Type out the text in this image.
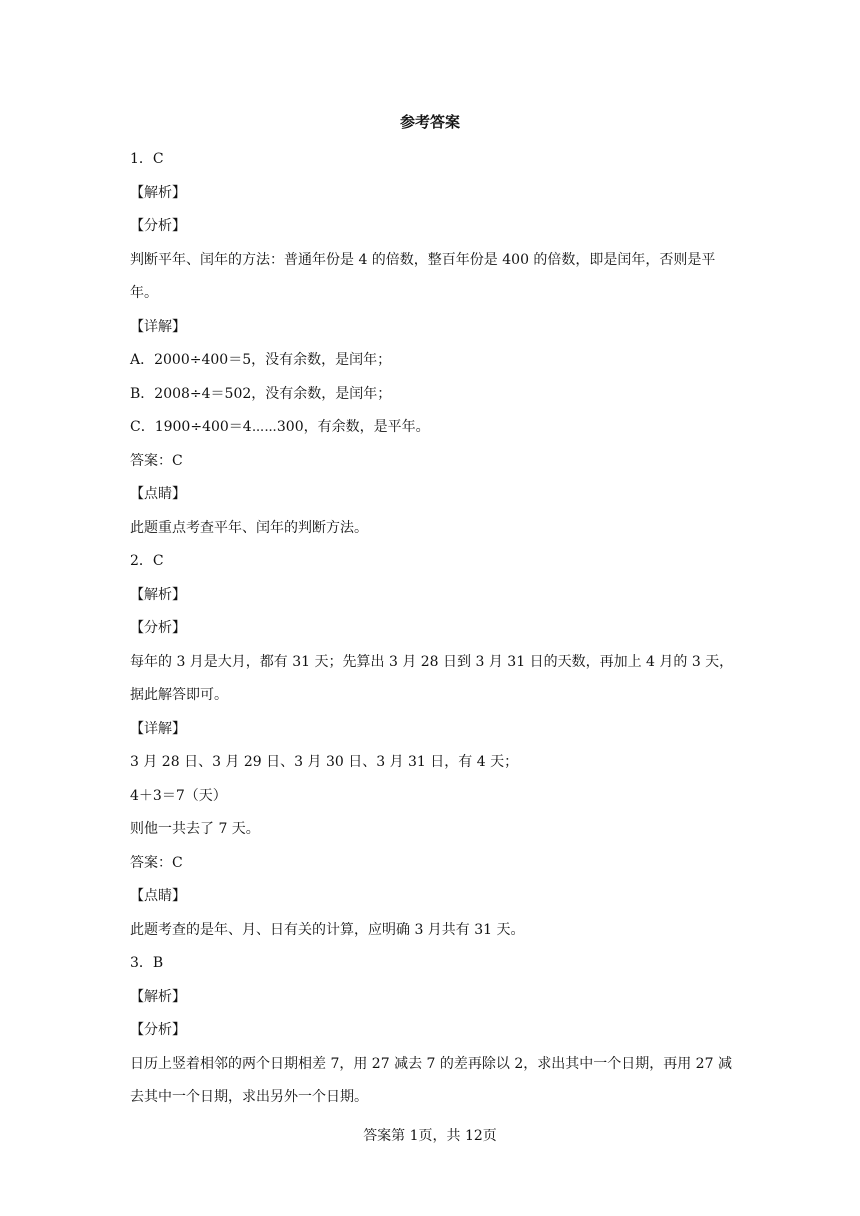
参考答案

1．C

【解析】

【分析】

判断平年、闰年的方法：普通年份是 4 的倍数，整百年份是 400 的倍数，即是闰年，否则是平年。

【详解】

A．2000÷400＝5，没有余数，是闰年；

B．2008÷4＝502，没有余数，是闰年；

C．1900÷400＝4⋯⋯300，有余数，是平年。

答案：C

【点睛】

此题重点考查平年、闰年的判断方法。

2．C

【解析】

【分析】

每年的 3 月是大月，都有 31 天；先算出 3 月 28 日到 3 月 31 日的天数，再加上 4 月的 3 天，据此解答即可。

【详解】

3 月 28 日、3 月 29 日、3 月 30 日、3 月 31 日，有 4 天；

4＋3＝7（天）

则他一共去了 7 天。

答案：C

【点睛】

此题考查的是年、月、日有关的计算，应明确 3 月共有 31 天。

3．B

【解析】

【分析】

日历上竖着相邻的两个日期相差 7，用 27 减去 7 的差再除以 2，求出其中一个日期，再用 27 减去其中一个日期，求出另外一个日期。

答案第 1页，共 12页
